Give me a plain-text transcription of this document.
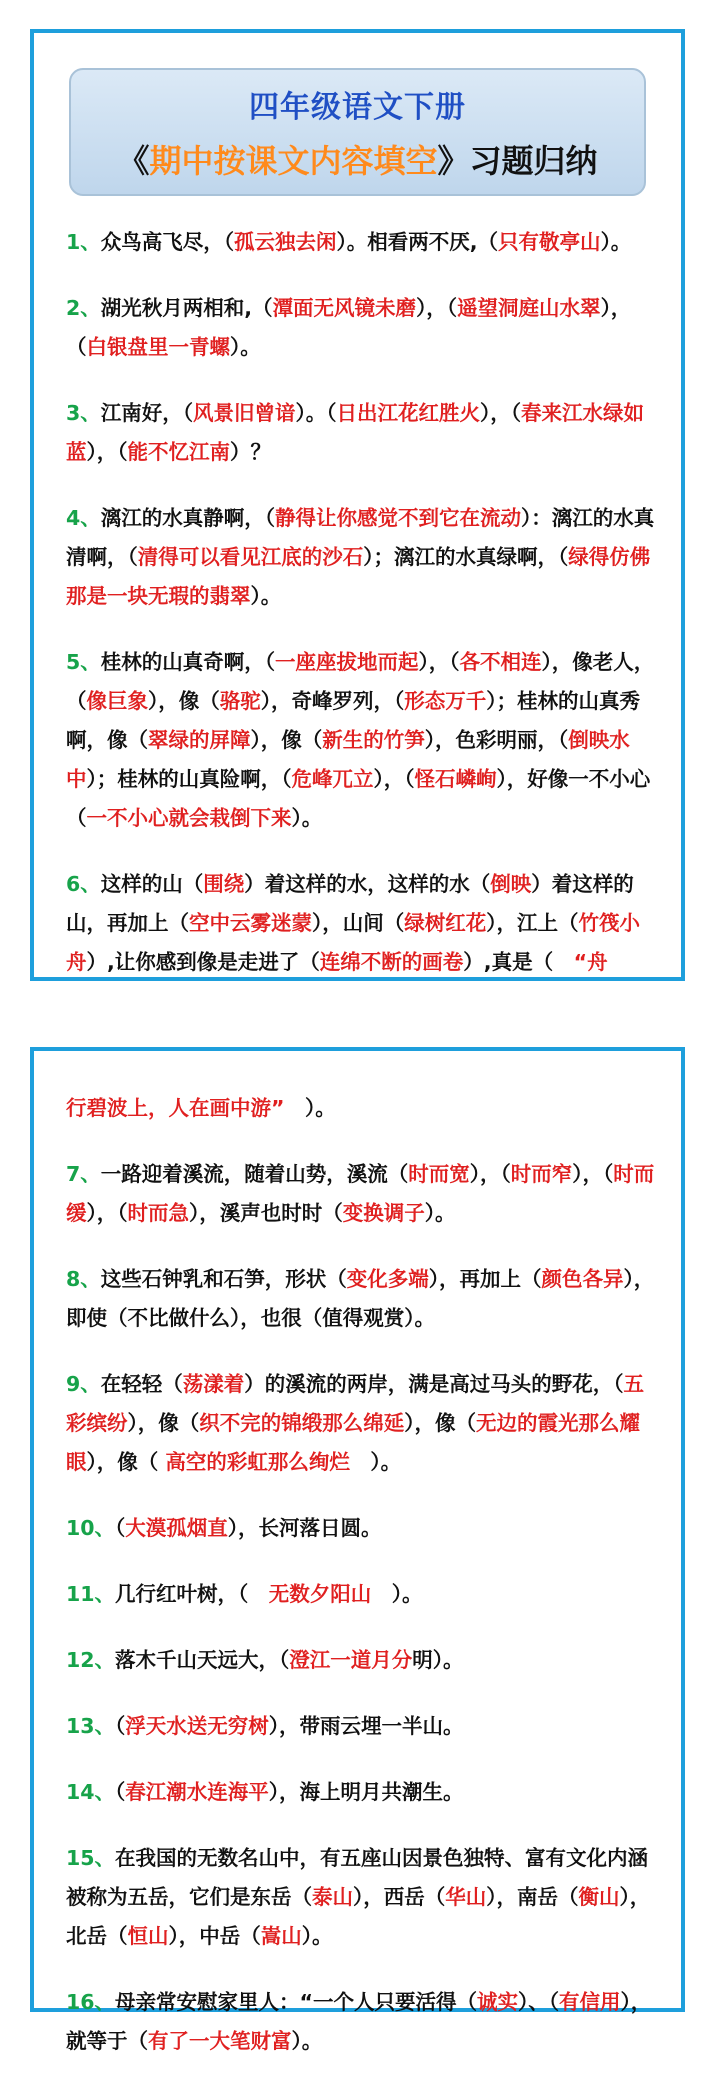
四年级语文下册
《期中按课文内容填空》习题归纳
1、众鸟高飞尽，（孤云独去闲）。相看两不厌,（只有敬亭山）。
2、湖光秋月两相和,（潭面无风镜未磨），（遥望洞庭山水翠），（白银盘里一青螺）。
3、江南好，（风景旧曾谙）。（日出江花红胜火），（春来江水绿如蓝），（能不忆江南）？
4、漓江的水真静啊，（静得让你感觉不到它在流动）：漓江的水真清啊，（清得可以看见江底的沙石）；漓江的水真绿啊，（绿得仿佛那是一块无瑕的翡翠）。
5、桂林的山真奇啊，（一座座拔地而起），（各不相连），像老人，（像巨象），像（骆驼），奇峰罗列，（形态万千）；桂林的山真秀啊，像（翠绿的屏障），像（新生的竹笋），色彩明丽，（倒映水中）；桂林的山真险啊，（危峰兀立），（怪石嶙峋），好像一不小心（一不小心就会栽倒下来）。
6、这样的山（围绕）着这样的水，这样的水（倒映）着这样的山，再加上（空中云雾迷蒙），山间（绿树红花），江上（竹筏小舟）,让你感到像是走进了（连绵不断的画卷）,真是（　“舟
行碧波上，人在画中游”　）。
7、一路迎着溪流，随着山势，溪流（时而宽），（时而窄），（时而缓），（时而急），溪声也时时（变换调子）。
8、这些石钟乳和石笋，形状（变化多端），再加上（颜色各异），即使（不比做什么），也很（值得观赏）。
9、在轻轻（荡漾着）的溪流的两岸，满是高过马头的野花，（五彩缤纷），像（织不完的锦缎那么绵延），像（无边的霞光那么耀眼），像（ 高空的彩虹那么绚烂　）。
10、（大漠孤烟直），长河落日圆。
11、几行红叶树，（　无数夕阳山　）。
12、落木千山天远大，（澄江一道月分明）。
13、（浮天水送无穷树），带雨云埋一半山。
14、（春江潮水连海平），海上明月共潮生。
15、在我国的无数名山中，有五座山因景色独特、富有文化内涵被称为五岳，它们是东岳（泰山），西岳（华山），南岳（衡山），北岳（恒山），中岳（嵩山）。
16、母亲常安慰家里人：“一个人只要活得（诚实）、（有信用），就等于（有了一大笔财富）。
